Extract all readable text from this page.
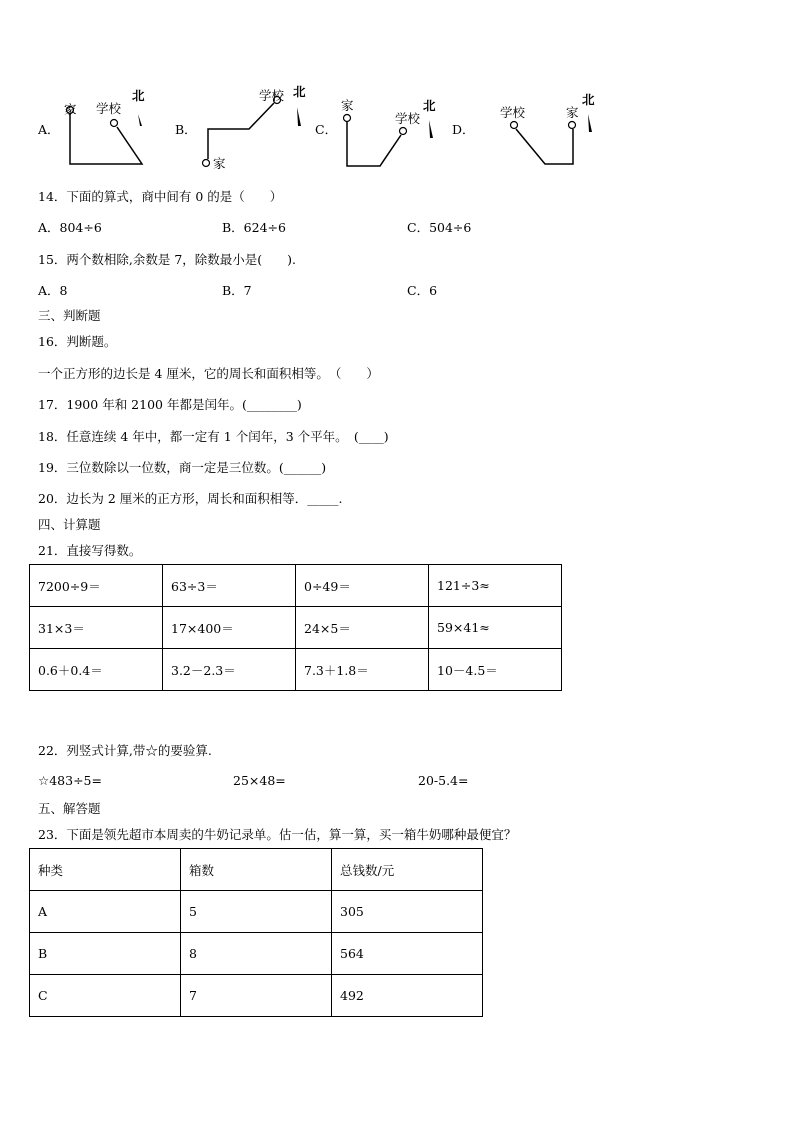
A．
家 学校
北
B．
学校 北
家
C．
家
学校
北
D．
学校	家
北
14．下面的算式，商中间有 0 的是（　　）
A．804÷6	B．624÷6	C．504÷6
15．两个数相除,余数是 7，除数最小是(　　).
A．8	B．7	C．6
三、判断题
16．判断题。
一个正方形的边长是 4 厘米，它的周长和面积相等。　（　　）
17．1900 年和 2100 年都是闰年。(________)
18．任意连续 4 年中，都一定有 1 个闰年，3 个平年。　(____)
19．三位数除以一位数，商一定是三位数。(______)
20．边长为 2 厘米的正方形，周长和面积相等．_____.
四、计算题
21．直接写得数。
7200÷9＝	63÷3＝	0÷49＝	121÷3≈
31×3＝	17×400＝	24×5＝	59×41≈
0.6＋0.4＝	3.2－2.3＝	7.3＋1.8＝	10－4.5＝
22．列竖式计算,带☆的要验算.
☆483÷5=	25×48=	20-5.4=
五、解答题
23．下面是领先超市本周卖的牛奶记录单。估一估，算一算，买一箱牛奶哪种最便宜？
种类	箱数	总钱数/元
A	5	305
B	8	564
C	7	492
